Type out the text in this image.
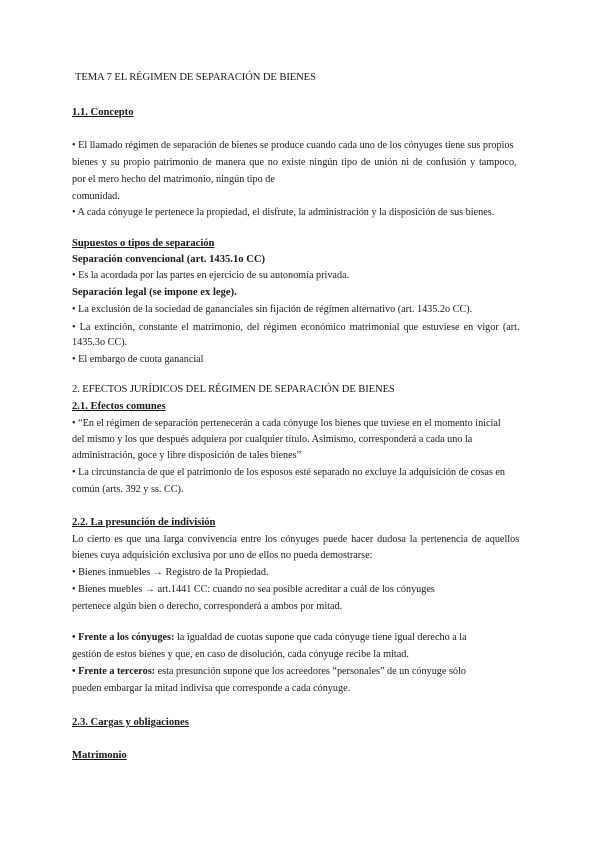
TEMA 7 EL RÉGIMEN DE SEPARACIÓN DE BIENES
1.1. Concepto
• El llamado régimen de separación de bienes se produce cuando cada uno de los cónyuges tiene sus propios
bienes y su propio patrimonio de manera que no existe ningún tipo de unión ni de confusión y tampoco,
por el mero hecho del matrimonio, ningún tipo de
comunidad.
• A cada cónyuge le pertenece la propiedad, el disfrute, la administración y la disposición de sus bienes.
Supuestos o tipos de separación
Separación convencional (art. 1435.1o CC)
• Es la acordada por las partes en ejercicio de su autonomía privada.
Separación legal (se impone ex lege).
• La exclusión de la sociedad de gananciales sin fijación de régimen alternativo (art. 1435.2o CC).
• La extinción, constante el matrimonio, del régimen económico matrimonial que estuviese en vigor (art.
1435.3o CC).
• El embargo de cuota ganancial
2. EFECTOS JURÍDICOS DEL RÉGIMEN DE SEPARACIÓN DE BIENES
2.1. Efectos comunes
• “En el régimen de separación pertenecerán a cada cónyuge los bienes que tuviese en el momento inicial
del mismo y los que después adquiera por cualquier título. Asimismo, corresponderá a cada uno la
administración, goce y libre disposición de tales bienes”
• La circunstancia de que el patrimonio de los esposos esté separado no excluye la adquisición de cosas en
común (arts. 392 y ss. CC).
2.2. La presunción de indivisión
Lo cierto es que una larga convivencia entre los cónyuges puede hacer dudosa la pertenencia de aquellos
bienes cuya adquisición exclusiva por uno de ellos no pueda demostrarse:
• Bienes inmuebles → Registro de la Propiedad.
• Bienes muebles → art.1441 CC: cuando no sea posible acreditar a cuál de los cónyuges
pertenece algún bien o derecho, corresponderá a ambos por mitad.
• Frente a los cónyuges: la igualdad de cuotas supone que cada cónyuge tiene igual derecho a la
gestión de estos bienes y que, en caso de disolución, cada cónyuge recibe la mitad.
• Frente a terceros: esta presunción supone que los acreedores “personales” de un cónyuge sólo
pueden embargar la mitad indivisa que corresponde a cada cónyuge.
2.3. Cargas y obligaciones
Matrimonio
